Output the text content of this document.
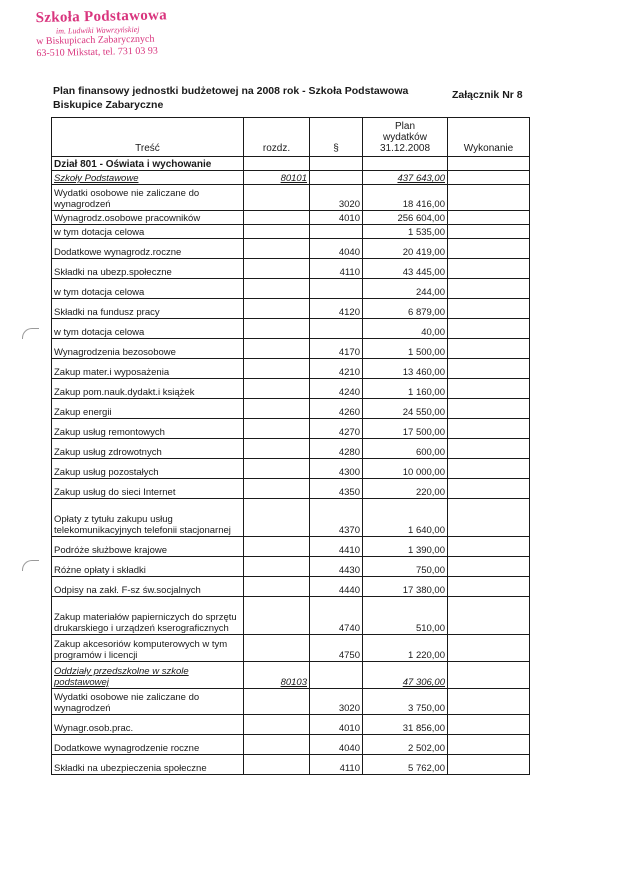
Szkoła Podstawowa
im. Ludwiki Wawrzyńskiej
w Biskupicach Zabarycznych
63-510 Mikstat, tel. 731 03 93
Plan finansowy jednostki budżetowej na 2008 rok - Szkoła Podstawowa
Biskupice Zabaryczne
Załącznik Nr 8
Treść	rozdz.	§	Plan
wydatków
31.12.2008	Wykonanie
Dział 801 - Oświata i wychowanie				
Szkoły Podstawowe	80101		437 643,00	
Wydatki osobowe nie zaliczane do wynagrodzeń		3020	18 416,00	
Wynagrodz.osobowe pracowników		4010	256 604,00	
w tym dotacja celowa			1 535,00	
Dodatkowe wynagrodz.roczne		4040	20 419,00	
Składki na ubezp.społeczne		4110	43 445,00	
w tym dotacja celowa			244,00	
Składki na fundusz pracy		4120	6 879,00	
w tym dotacja celowa			40,00	
Wynagrodzenia bezosobowe		4170	1 500,00	
Zakup mater.i wyposażenia		4210	13 460,00	
Zakup pom.nauk.dydakt.i książek		4240	1 160,00	
Zakup energii		4260	24 550,00	
Zakup usług remontowych		4270	17 500,00	
Zakup usług zdrowotnych		4280	600,00	
Zakup usług pozostałych		4300	10 000,00	
Zakup usług do sieci Internet		4350	220,00	
Opłaty z tytułu zakupu usług telekomunikacyjnych telefonii stacjonarnej		4370	1 640,00	
Podróże służbowe krajowe		4410	1 390,00	
Różne opłaty i składki		4430	750,00	
Odpisy na zakł. F-sz św.socjalnych		4440	17 380,00	
Zakup materiałów papierniczych do sprzętu drukarskiego i urządzeń kserograficznych		4740	510,00	
Zakup akcesoriów komputerowych w tym programów i licencji		4750	1 220,00	
Oddziały przedszkolne w szkole podstawowej	80103		47 306,00	
Wydatki osobowe nie zaliczane do wynagrodzeń		3020	3 750,00	
Wynagr.osob.prac.		4010	31 856,00	
Dodatkowe wynagrodzenie roczne		4040	2 502,00	
Składki na ubezpieczenia społeczne		4110	5 762,00	
